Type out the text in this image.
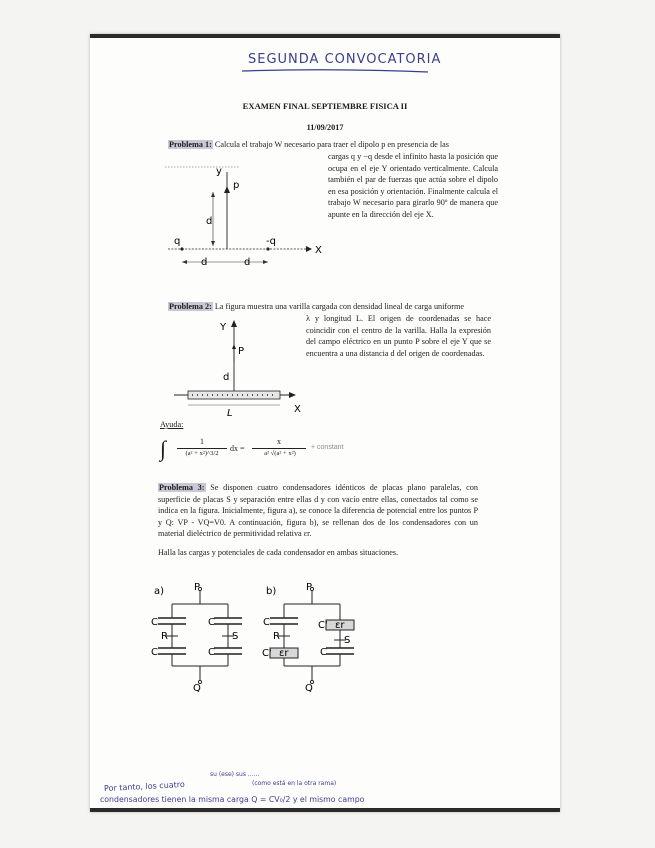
SEGUNDA CONVOCATORIA
EXAMEN FINAL SEPTIEMBRE FISICA II
11/09/2017
Problema 1: Calcula el trabajo W necesario para traer el dipolo p en presencia de las
cargas q y −q desde el infinito hasta la posición que ocupa en el eje Y orientado verticalmente. Calcula también el par de fuerzas que actúa sobre el dipolo en esa posición y orientación. Finalmente calcula el trabajo W necesario para girarlo 90º de manera que apunte en la dirección del eje X.
y
p
d
q	-q
X
d	d
Problema 2: La figura muestra una varilla cargada con densidad lineal de carga uniforme
λ y longitud L. El origen de coordenadas se hace coincidir con el centro de la varilla. Halla la expresión del campo eléctrico en un punto P sobre el eje Y que se encuentra a una distancia d del origen de coordenadas.
Y
P
d
X
L
Ayuda:
∫	1
(a² + x²)^3/2
dx =
x
a² √(a² + x²)
+ constant
Problema 3: Se disponen cuatro condensadores idénticos de placas plano paralelas, con superficie de placas S y separación entre ellas d y con vacío entre ellas, conectados tal como se indica en la figura. Inicialmente, figura a), se conoce la diferencia de potencial entre los puntos P y Q: VP - VQ=V0. A continuación, figura b), se rellenan dos de los condensadores con un material dieléctrico de permitividad relativa εr.
Halla las cargas y potenciales de cada condensador en ambas situaciones.
a)	P
C	C
R	S
C	C
Q
b)	P
C	C' εr
R	S
C' εr	C
Q
su (ese) sus ......
(como está en la otra rama)
Por tanto, los cuatro
condensadores tienen la misma carga Q = CV₀/2 y el mismo campo
